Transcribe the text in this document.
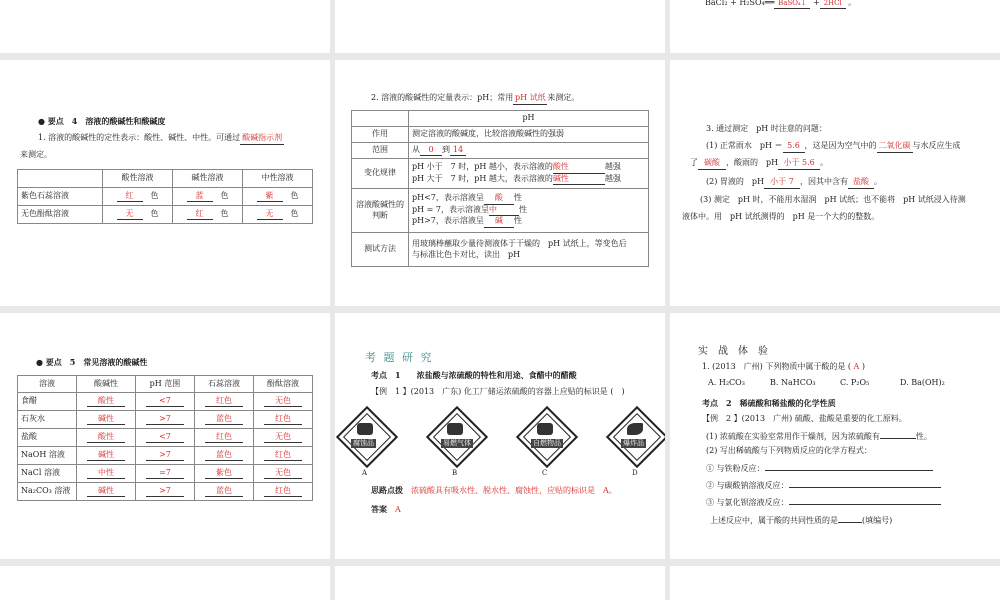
BaCl₂ + H₂SO₄══ BaSO₄↓ + 2HCl 。
● 要点　4　溶液的酸碱性和酸碱度
1. 溶液的酸碱性的定性表示：酸性、碱性、中性。可通过 酸碱指示剂
来测定。
	酸性溶液	碱性溶液	中性溶液
紫色石蕊溶液	红　 色	蓝　 色	紫　 色
无色酚酞溶液	无　 色	红　 色	无　 色
2. 溶液的酸碱性的定量表示：pH；常用 pH 试纸 来测定。
	pH
作用	测定溶液的酸碱度，比较溶液酸碱性的强弱
范围	从 0 到 14
变化规律	pH 小于　7 时，pH 越小，表示溶液的酸性 越强
pH 大于　7 时，pH 越大，表示溶液的碱性 越强

溶液酸碱性的判断	pH<7，表示溶液呈 酸 性
pH = 7，表示溶液呈中 性
pH>7，表示溶液呈 碱 性

测试方法	用玻璃棒蘸取少量待测液体于干燥的　pH 试纸上，等变色后
与标准比色卡对比，读出　pH
3. 通过测定　pH 时注意的问题：
(1) 正常雨水　pH ＝ 5.6 ，这是因为空气中的 二氧化碳 与水反应生成
了 碳酸 ，酸雨的　pH 小于 5.6 。
(2) 胃液的　pH 小于 7 ，因其中含有 盐酸 。
(3) 测定　pH 时，不能用水湿润　pH 试纸；也不能将　pH 试纸浸入待测
液体中。用　pH 试纸测得的　pH 是一个大约的整数。
● 要点　5　常见溶液的酸碱性
溶液	酸碱性	pH 范围	石蕊溶液	酚酞溶液
食醋	酸性	<7	红色	无色
石灰水	碱性	>7	蓝色	红色
盐酸	酸性	<7	红色	无色
NaOH 溶液	碱性	>7	蓝色	红色
NaCl 溶液	中性	=7	紫色	无色
Na₂CO₃ 溶液	碱性	>7	蓝色	红色
考 题 研 究
考点　1　　浓盐酸与浓硫酸的特性和用途、食醋中的醋酸
【例　1 】(2013　广东) 化工厂储运浓硫酸的容器上应贴的标识是 (　)
腐蚀品
A
易燃气体
B
自燃物品
C
爆炸品
D
思路点拨　 浓硫酸具有吸水性、脱水性、腐蚀性，应贴的标识是　A。
答案　 A
实　战　体　验
1. (2013　广州) 下列物质中属于酸的是 ( A )
A. H₂CO₃	B. NaHCO₃	C. P₂O₅	D. Ba(OH)₂
考点　2　稀硫酸和稀盐酸的化学性质
【例　2 】(2013　广州) 硫酸、盐酸是重要的化工原料。
(1) 浓硫酸在实验室常用作干燥剂，因为浓硫酸有	性。
(2) 写出稀硫酸与下列物质反应的化学方程式：
① 与铁粉反应：
② 与碳酸钠溶液反应：
③ 与氯化钡溶液反应：
上述反应中，属于酸的共同性质的是	(填编号)
